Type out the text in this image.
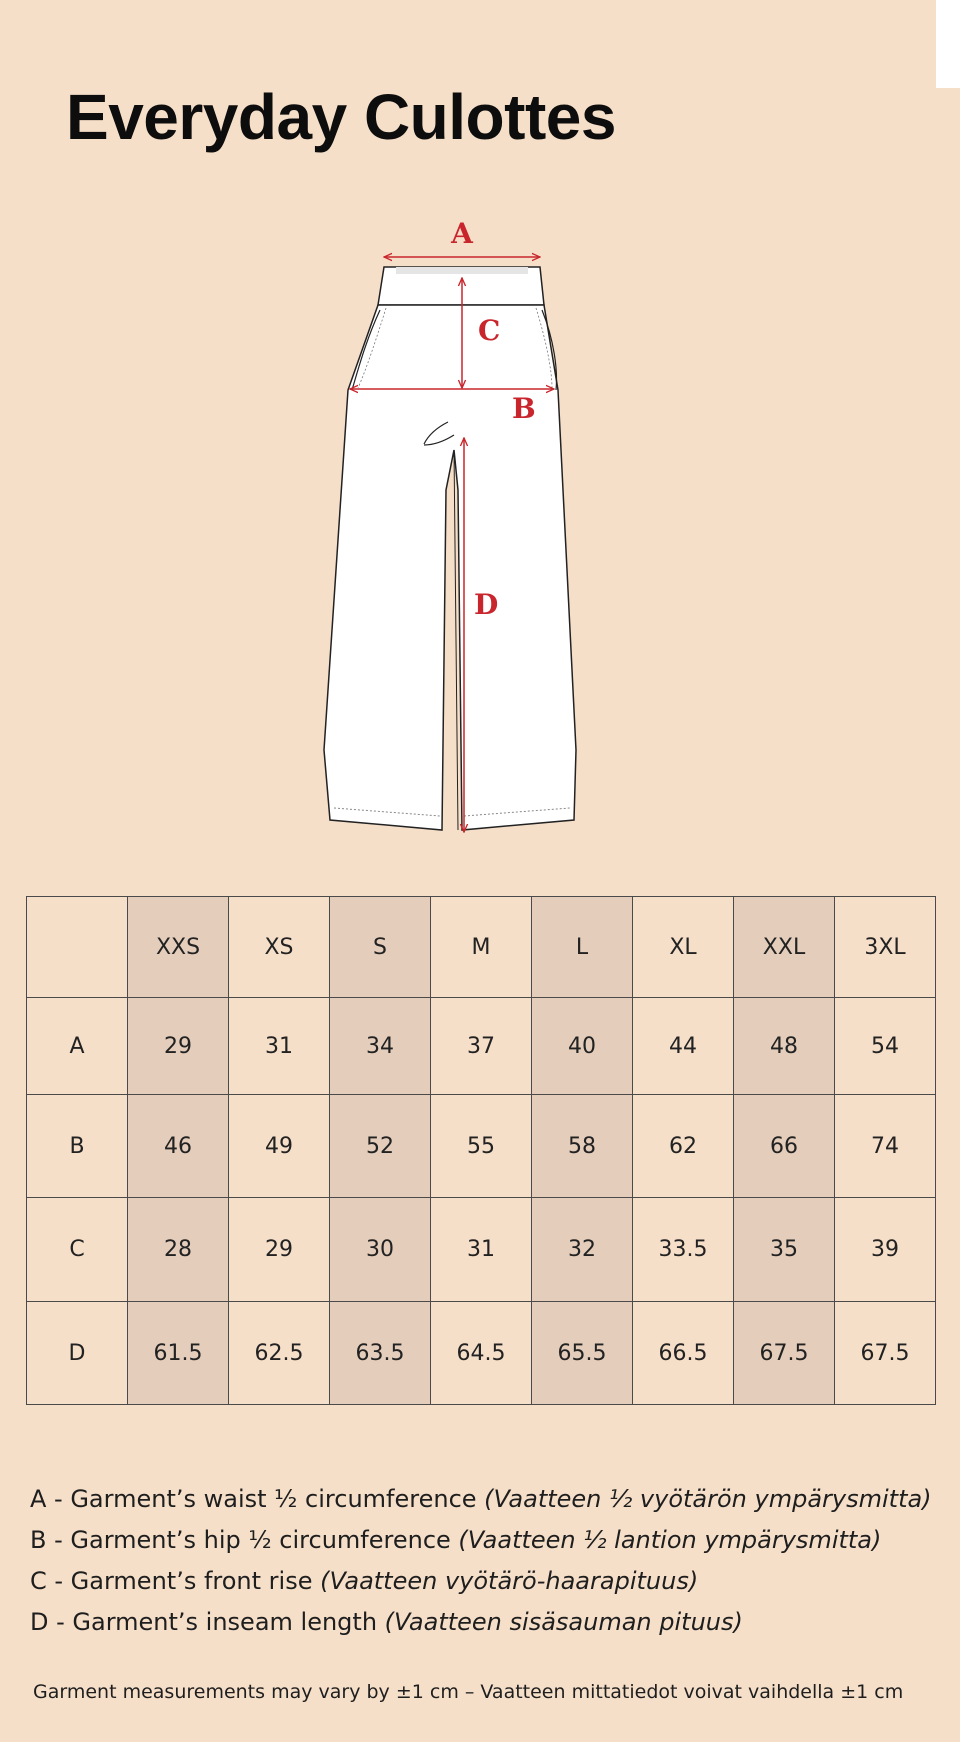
Everyday Culottes
A
C
B
D
	XXS	XS	S	M	L	XL	XXL	3XL
A	29	31	34	37	40	44	48	54
B	46	49	52	55	58	62	66	74
C	28	29	30	31	32	33.5	35	39
D	61.5	62.5	63.5	64.5	65.5	66.5	67.5	67.5
A - Garment’s waist ½ circumference (Vaatteen ½ vyötärön ympärysmitta)
B - Garment’s hip ½ circumference (Vaatteen ½ lantion ympärysmitta)
C - Garment’s front rise (Vaatteen vyötärö-haarapituus)
D - Garment’s inseam length (Vaatteen sisäsauman pituus)
Garment measurements may vary by ±1 cm – Vaatteen mittatiedot voivat vaihdella ±1 cm
